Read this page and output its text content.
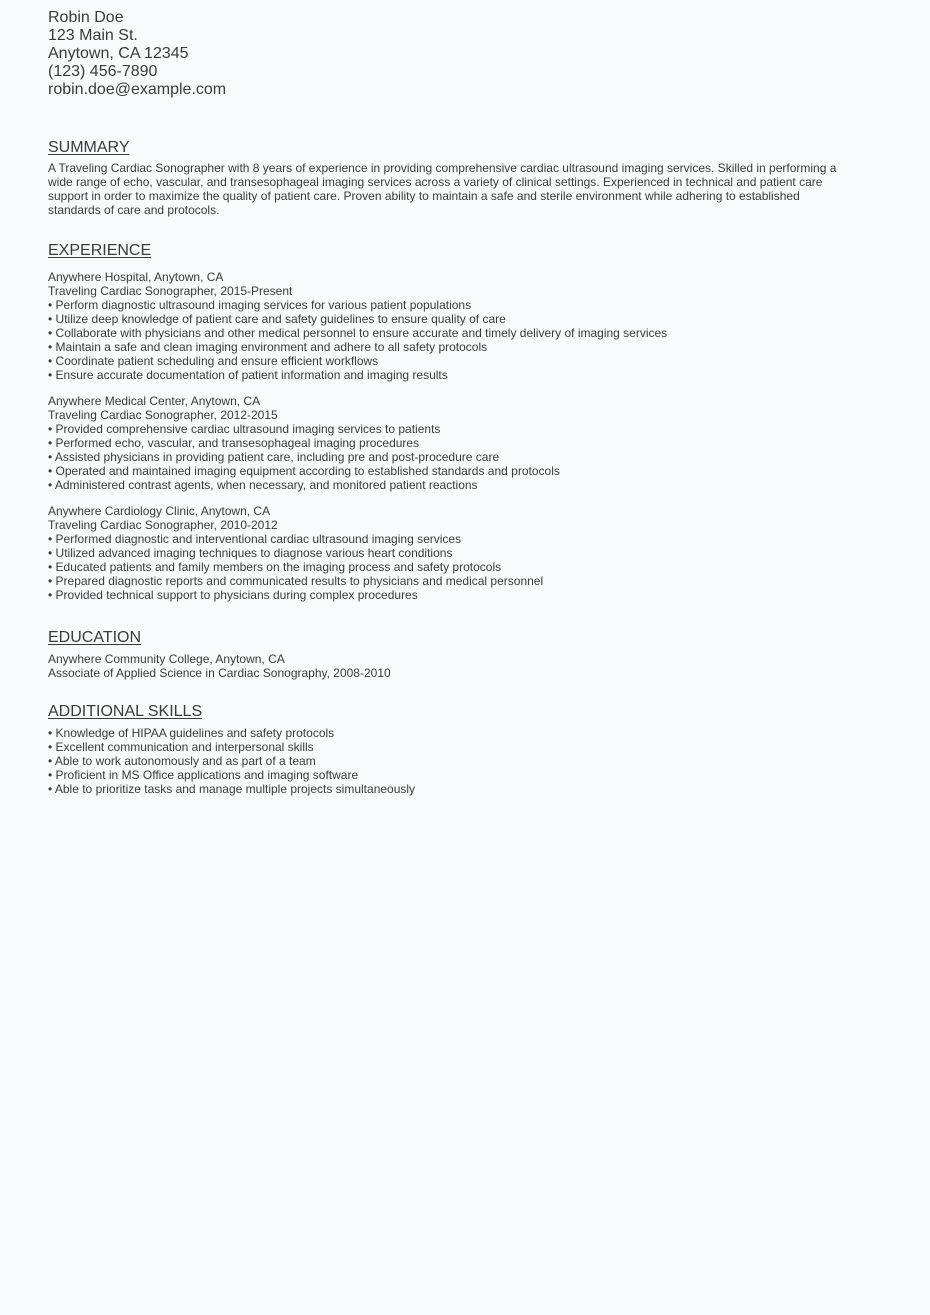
Robin Doe
123 Main St.
Anytown, CA 12345
(123) 456-7890
robin.doe@example.com
SUMMARY
A Traveling Cardiac Sonographer with 8 years of experience in providing comprehensive cardiac ultrasound imaging services. Skilled in performing a wide range of echo, vascular, and transesophageal imaging services across a variety of clinical settings. Experienced in technical and patient care support in order to maximize the quality of patient care. Proven ability to maintain a safe and sterile environment while adhering to established standards of care and protocols.
EXPERIENCE
Anywhere Hospital, Anytown, CA
Traveling Cardiac Sonographer, 2015-Present
• Perform diagnostic ultrasound imaging services for various patient populations
• Utilize deep knowledge of patient care and safety guidelines to ensure quality of care
• Collaborate with physicians and other medical personnel to ensure accurate and timely delivery of imaging services
• Maintain a safe and clean imaging environment and adhere to all safety protocols
• Coordinate patient scheduling and ensure efficient workflows
• Ensure accurate documentation of patient information and imaging results
Anywhere Medical Center, Anytown, CA
Traveling Cardiac Sonographer, 2012-2015
• Provided comprehensive cardiac ultrasound imaging services to patients
• Performed echo, vascular, and transesophageal imaging procedures
• Assisted physicians in providing patient care, including pre and post-procedure care
• Operated and maintained imaging equipment according to established standards and protocols
• Administered contrast agents, when necessary, and monitored patient reactions
Anywhere Cardiology Clinic, Anytown, CA
Traveling Cardiac Sonographer, 2010-2012
• Performed diagnostic and interventional cardiac ultrasound imaging services
• Utilized advanced imaging techniques to diagnose various heart conditions
• Educated patients and family members on the imaging process and safety protocols
• Prepared diagnostic reports and communicated results to physicians and medical personnel
• Provided technical support to physicians during complex procedures
EDUCATION
Anywhere Community College, Anytown, CA
Associate of Applied Science in Cardiac Sonography, 2008-2010
ADDITIONAL SKILLS
• Knowledge of HIPAA guidelines and safety protocols
• Excellent communication and interpersonal skills
• Able to work autonomously and as part of a team
• Proficient in MS Office applications and imaging software
• Able to prioritize tasks and manage multiple projects simultaneously
